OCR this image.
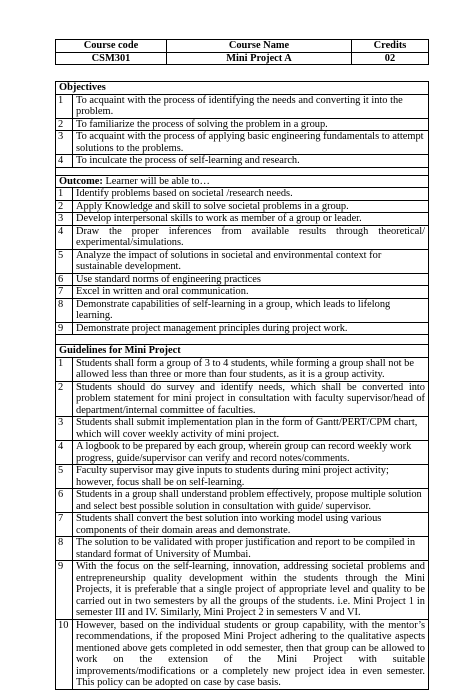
Course code	Course Name	Credits
CSM301	Mini Project A	02
Objectives	
1	To acquaint with the process of identifying the needs and converting it into the problem.
2	To familiarize the process of solving the problem in a group.
3	To acquaint with the process of applying basic engineering fundamentals to attempt solutions to the problems.
4	To inculcate the process of self-learning and research.

Outcome: Learner will be able to…	
1	Identify problems based on societal /research needs.
2	Apply Knowledge and skill to solve societal problems in a group.
3	Develop interpersonal skills to work as member of a group or leader.
4	Draw the proper inferences from available results through theoretical/ experimental/simulations.
5	Analyze the impact of solutions in societal and environmental context for sustainable development.
6	Use standard norms of engineering practices
7	Excel in written and oral communication.
8	Demonstrate capabilities of self-learning in a group, which leads to lifelong learning.
9	Demonstrate project management principles during project work.

Guidelines for Mini Project	
1	Students shall form a group of 3 to 4 students, while forming a group shall not be allowed less than three or more than four students, as it is a group activity.
2	Students should do survey and identify needs, which shall be converted into problem statement for mini project in consultation with faculty supervisor/head of department/internal committee of faculties.
3	Students shall submit implementation plan in the form of Gantt/PERT/CPM chart, which will cover weekly activity of mini project.
4	A logbook to be prepared by each group, wherein group can record weekly work progress, guide/supervisor can verify and record notes/comments.
5	Faculty supervisor may give inputs to students during mini project activity; however, focus shall be on self-learning.
6	Students in a group shall understand problem effectively, propose multiple solution and select best possible solution in consultation with guide/ supervisor.
7	Students shall convert the best solution into working model using various components of their domain areas and demonstrate.
8	The solution to be validated with proper justification and report to be compiled in standard format of University of Mumbai.
9	With the focus on the self-learning, innovation, addressing societal problems and entrepreneurship quality development within the students through the Mini Projects, it is preferable that a single project of appropriate level and quality to be carried out in two semesters by all the groups of the students. i.e. Mini Project 1 in semester III and IV. Similarly, Mini Project 2 in semesters V and VI.
10	However, based on the individual students or group capability, with the mentor’s recommendations, if the proposed Mini Project adhering to the qualitative aspects mentioned above gets completed in odd semester, then that group can be allowed to work on the extension of the Mini Project with suitable improvements/modifications or a completely new project idea in even semester. This policy can be adopted on case by case basis.
